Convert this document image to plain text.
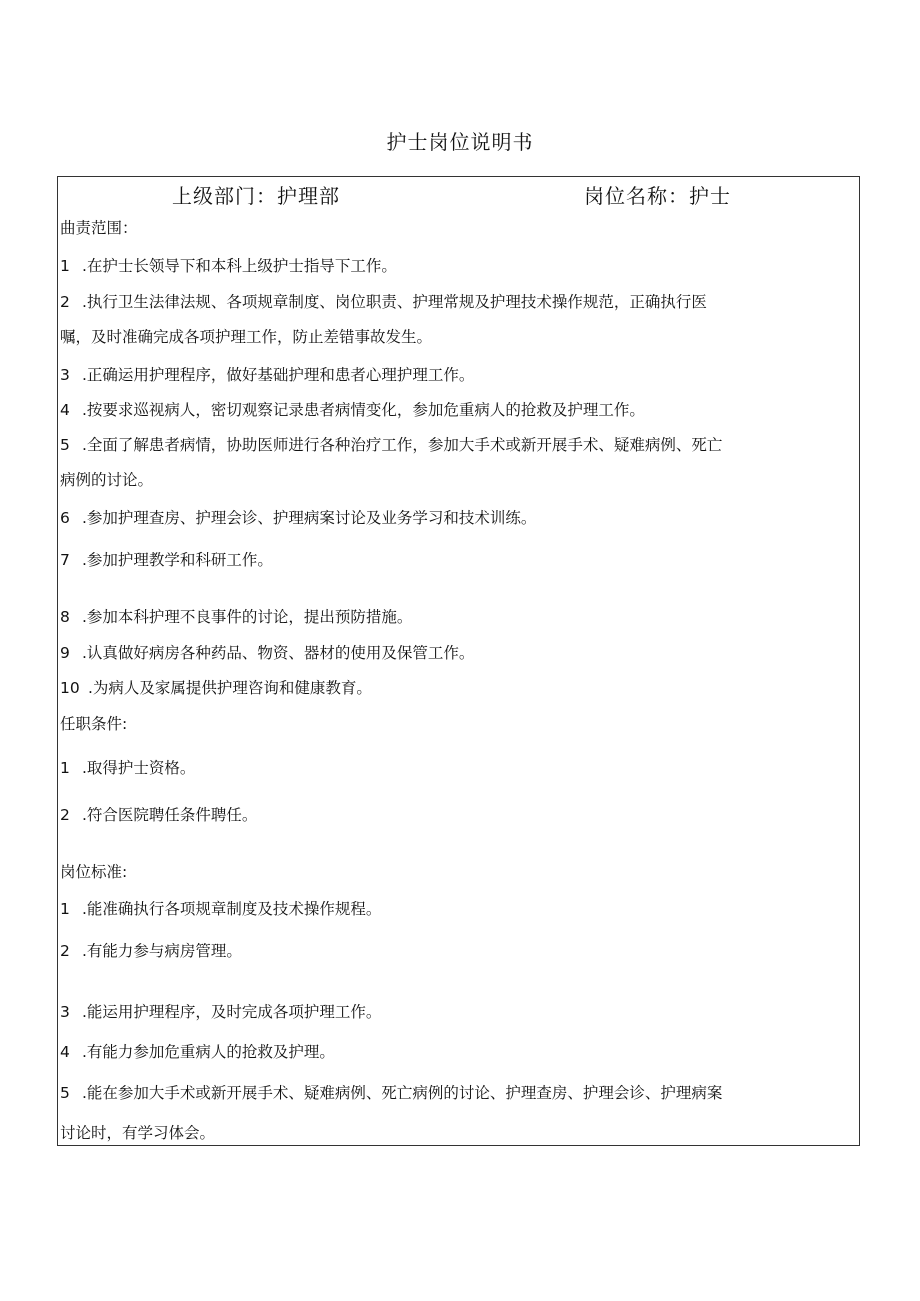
护士岗位说明书
上级部门：护理部	岗位名称：护士
曲责范围：
1 .在护士长领导下和本科上级护士指导下工作。
2 .执行卫生法律法规、各项规章制度、岗位职责、护理常规及护理技术操作规范，正确执行医
嘱，及时准确完成各项护理工作，防止差错事故发生。
3 .正确运用护理程序，做好基础护理和患者心理护理工作。
4 .按要求巡视病人，密切观察记录患者病情变化，参加危重病人的抢救及护理工作。
5 .全面了解患者病情，协助医师进行各种治疗工作，参加大手术或新开展手术、疑难病例、死亡
病例的讨论。
6 .参加护理查房、护理会诊、护理病案讨论及业务学习和技术训练。
7 .参加护理教学和科研工作。
8 .参加本科护理不良事件的讨论，提出预防措施。
9 .认真做好病房各种药品、物资、器材的使用及保管工作。
10 .为病人及家属提供护理咨询和健康教育。
任职条件:
1 .取得护士资格。
2 .符合医院聘任条件聘任。
岗位标准:
1 .能准确执行各项规章制度及技术操作规程。
2 .有能力参与病房管理。
3 .能运用护理程序，及时完成各项护理工作。
4 .有能力参加危重病人的抢救及护理。
5 .能在参加大手术或新开展手术、疑难病例、死亡病例的讨论、护理查房、护理会诊、护理病案
讨论时，有学习体会。
